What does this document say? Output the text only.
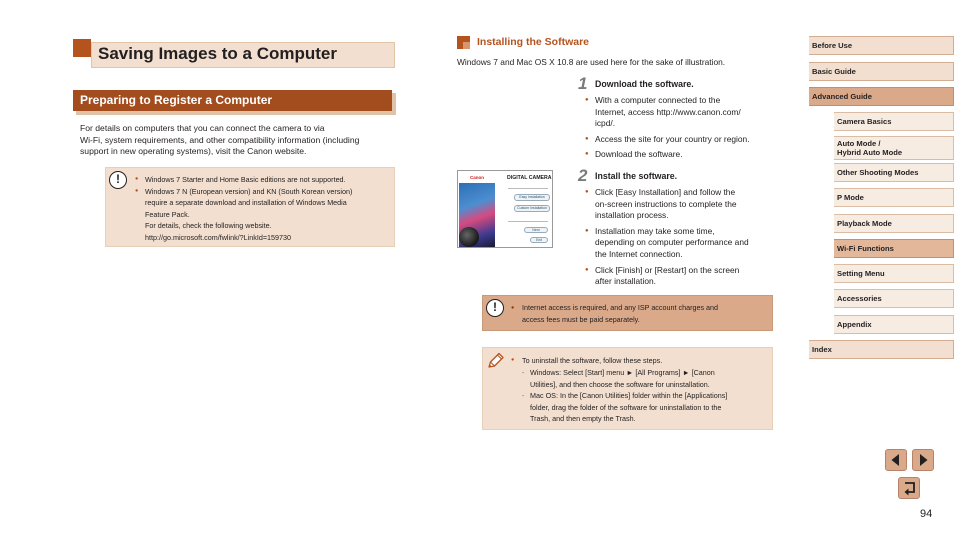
Saving Images to a Computer
Preparing to Register a Computer
For details on computers that you can connect the camera to via
Wi-Fi, system requirements, and other compatibility information (including
support in new operating systems), visit the Canon website.
!	● Windows 7 Starter and Home Basic editions are not supported.
● Windows 7 N (European version) and KN (South Korean version)
require a separate download and installation of Windows Media
Feature Pack.
For details, check the following website.
http://go.microsoft.com/fwlink/?LinkId=159730
Installing the Software
Windows 7 and Mac OS X 10.8 are used here for the sake of illustration.
1 Download the software.
● With a computer connected to the
Internet, access http://www.canon.com/
icpd/.
● Access the site for your country or region.
● Download the software.
2 Install the software.
● Click [Easy Installation] and follow the
on-screen instructions to complete the
installation process.
● Installation may take some time,
depending on computer performance and
the Internet connection.
● Click [Finish] or [Restart] on the screen
after installation.
Canon	DIGITAL CAMERA
Easy Installation
Custom Installation
Next
Exit
!	● Internet access is required, and any ISP account charges and
access fees must be paid separately.
● To uninstall the software, follow these steps.
- Windows: Select [Start] menu ► [All Programs] ► [Canon
Utilities], and then choose the software for uninstallation.
- Mac OS: In the [Canon Utilities] folder within the [Applications]
folder, drag the folder of the software for uninstallation to the
Trash, and then empty the Trash.
Before Use
Basic Guide
Advanced Guide
Camera Basics
Auto Mode /
Hybrid Auto Mode
Other Shooting Modes
P Mode
Playback Mode
Wi-Fi Functions
Setting Menu
Accessories
Appendix
Index
94
